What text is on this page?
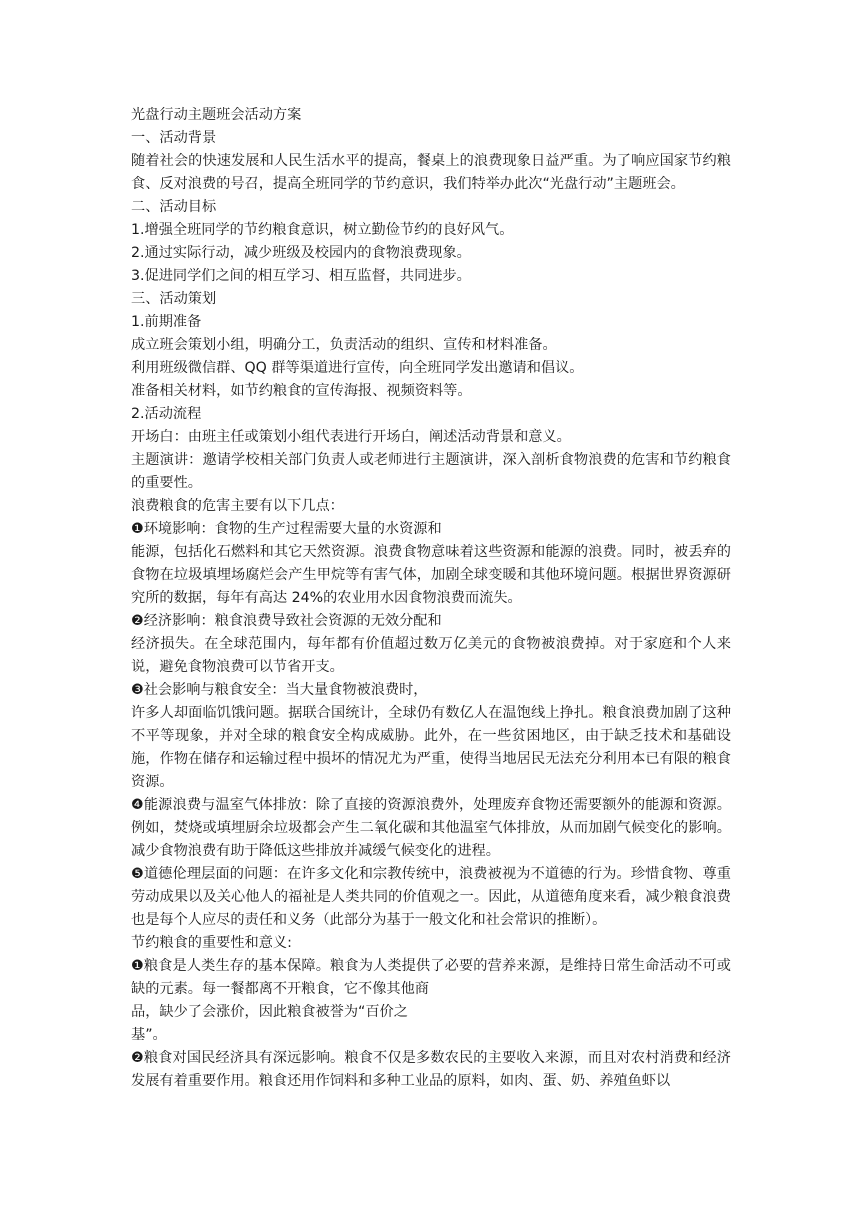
光盘行动主题班会活动方案

一、活动背景

随着社会的快速发展和人民生活水平的提高，餐桌上的浪费现象日益严重。为了响应国家节约粮食、反对浪费的号召，提高全班同学的节约意识，我们特举办此次“光盘行动”主题班会。

二、活动目标

1.增强全班同学的节约粮食意识，树立勤俭节约的良好风气。

2.通过实际行动，减少班级及校园内的食物浪费现象。

3.促进同学们之间的相互学习、相互监督，共同进步。

三、活动策划

1.前期准备

成立班会策划小组，明确分工，负责活动的组织、宣传和材料准备。

利用班级微信群、QQ 群等渠道进行宣传，向全班同学发出邀请和倡议。

准备相关材料，如节约粮食的宣传海报、视频资料等。

2.活动流程

开场白：由班主任或策划小组代表进行开场白，阐述活动背景和意义。

主题演讲：邀请学校相关部门负责人或老师进行主题演讲，深入剖析食物浪费的危害和节约粮食的重要性。

浪费粮食的危害主要有以下几点：

❶环境影响：食物的生产过程需要大量的水资源和

能源，包括化石燃料和其它天然资源。浪费食物意味着这些资源和能源的浪费。同时，被丢弃的食物在垃圾填埋场腐烂会产生甲烷等有害气体，加剧全球变暖和其他环境问题。根据世界资源研究所的数据，每年有高达 24%的农业用水因食物浪费而流失。

❷经济影响：粮食浪费导致社会资源的无效分配和

经济损失。在全球范围内，每年都有价值超过数万亿美元的食物被浪费掉。对于家庭和个人来说，避免食物浪费可以节省开支。

❸社会影响与粮食安全：当大量食物被浪费时，

许多人却面临饥饿问题。据联合国统计，全球仍有数亿人在温饱线上挣扎。粮食浪费加剧了这种不平等现象，并对全球的粮食安全构成威胁。此外，在一些贫困地区，由于缺乏技术和基础设施，作物在储存和运输过程中损坏的情况尤为严重，使得当地居民无法充分利用本已有限的粮食资源。

❹能源浪费与温室气体排放：除了直接的资源浪费外，处理废弃食物还需要额外的能源和资源。例如，焚烧或填埋厨余垃圾都会产生二氧化碳和其他温室气体排放，从而加剧气候变化的影响。减少食物浪费有助于降低这些排放并减缓气候变化的进程。

❺道德伦理层面的问题：在许多文化和宗教传统中，浪费被视为不道德的行为。珍惜食物、尊重劳动成果以及关心他人的福祉是人类共同的价值观之一。因此，从道德角度来看，减少粮食浪费也是每个人应尽的责任和义务（此部分为基于一般文化和社会常识的推断）。

节约粮食的重要性和意义:

❶粮食是人类生存的基本保障。粮食为人类提供了必要的营养来源，是维持日常生命活动不可或缺的元素。每一餐都离不开粮食，它不像其他商

品，缺少了会涨价，因此粮食被誉为“百价之

基”。

❷粮食对国民经济具有深远影响。粮食不仅是多数农民的主要收入来源，而且对农村消费和经济发展有着重要作用。粮食还用作饲料和多种工业品的原料，如肉、蛋、奶、养殖鱼虾以
